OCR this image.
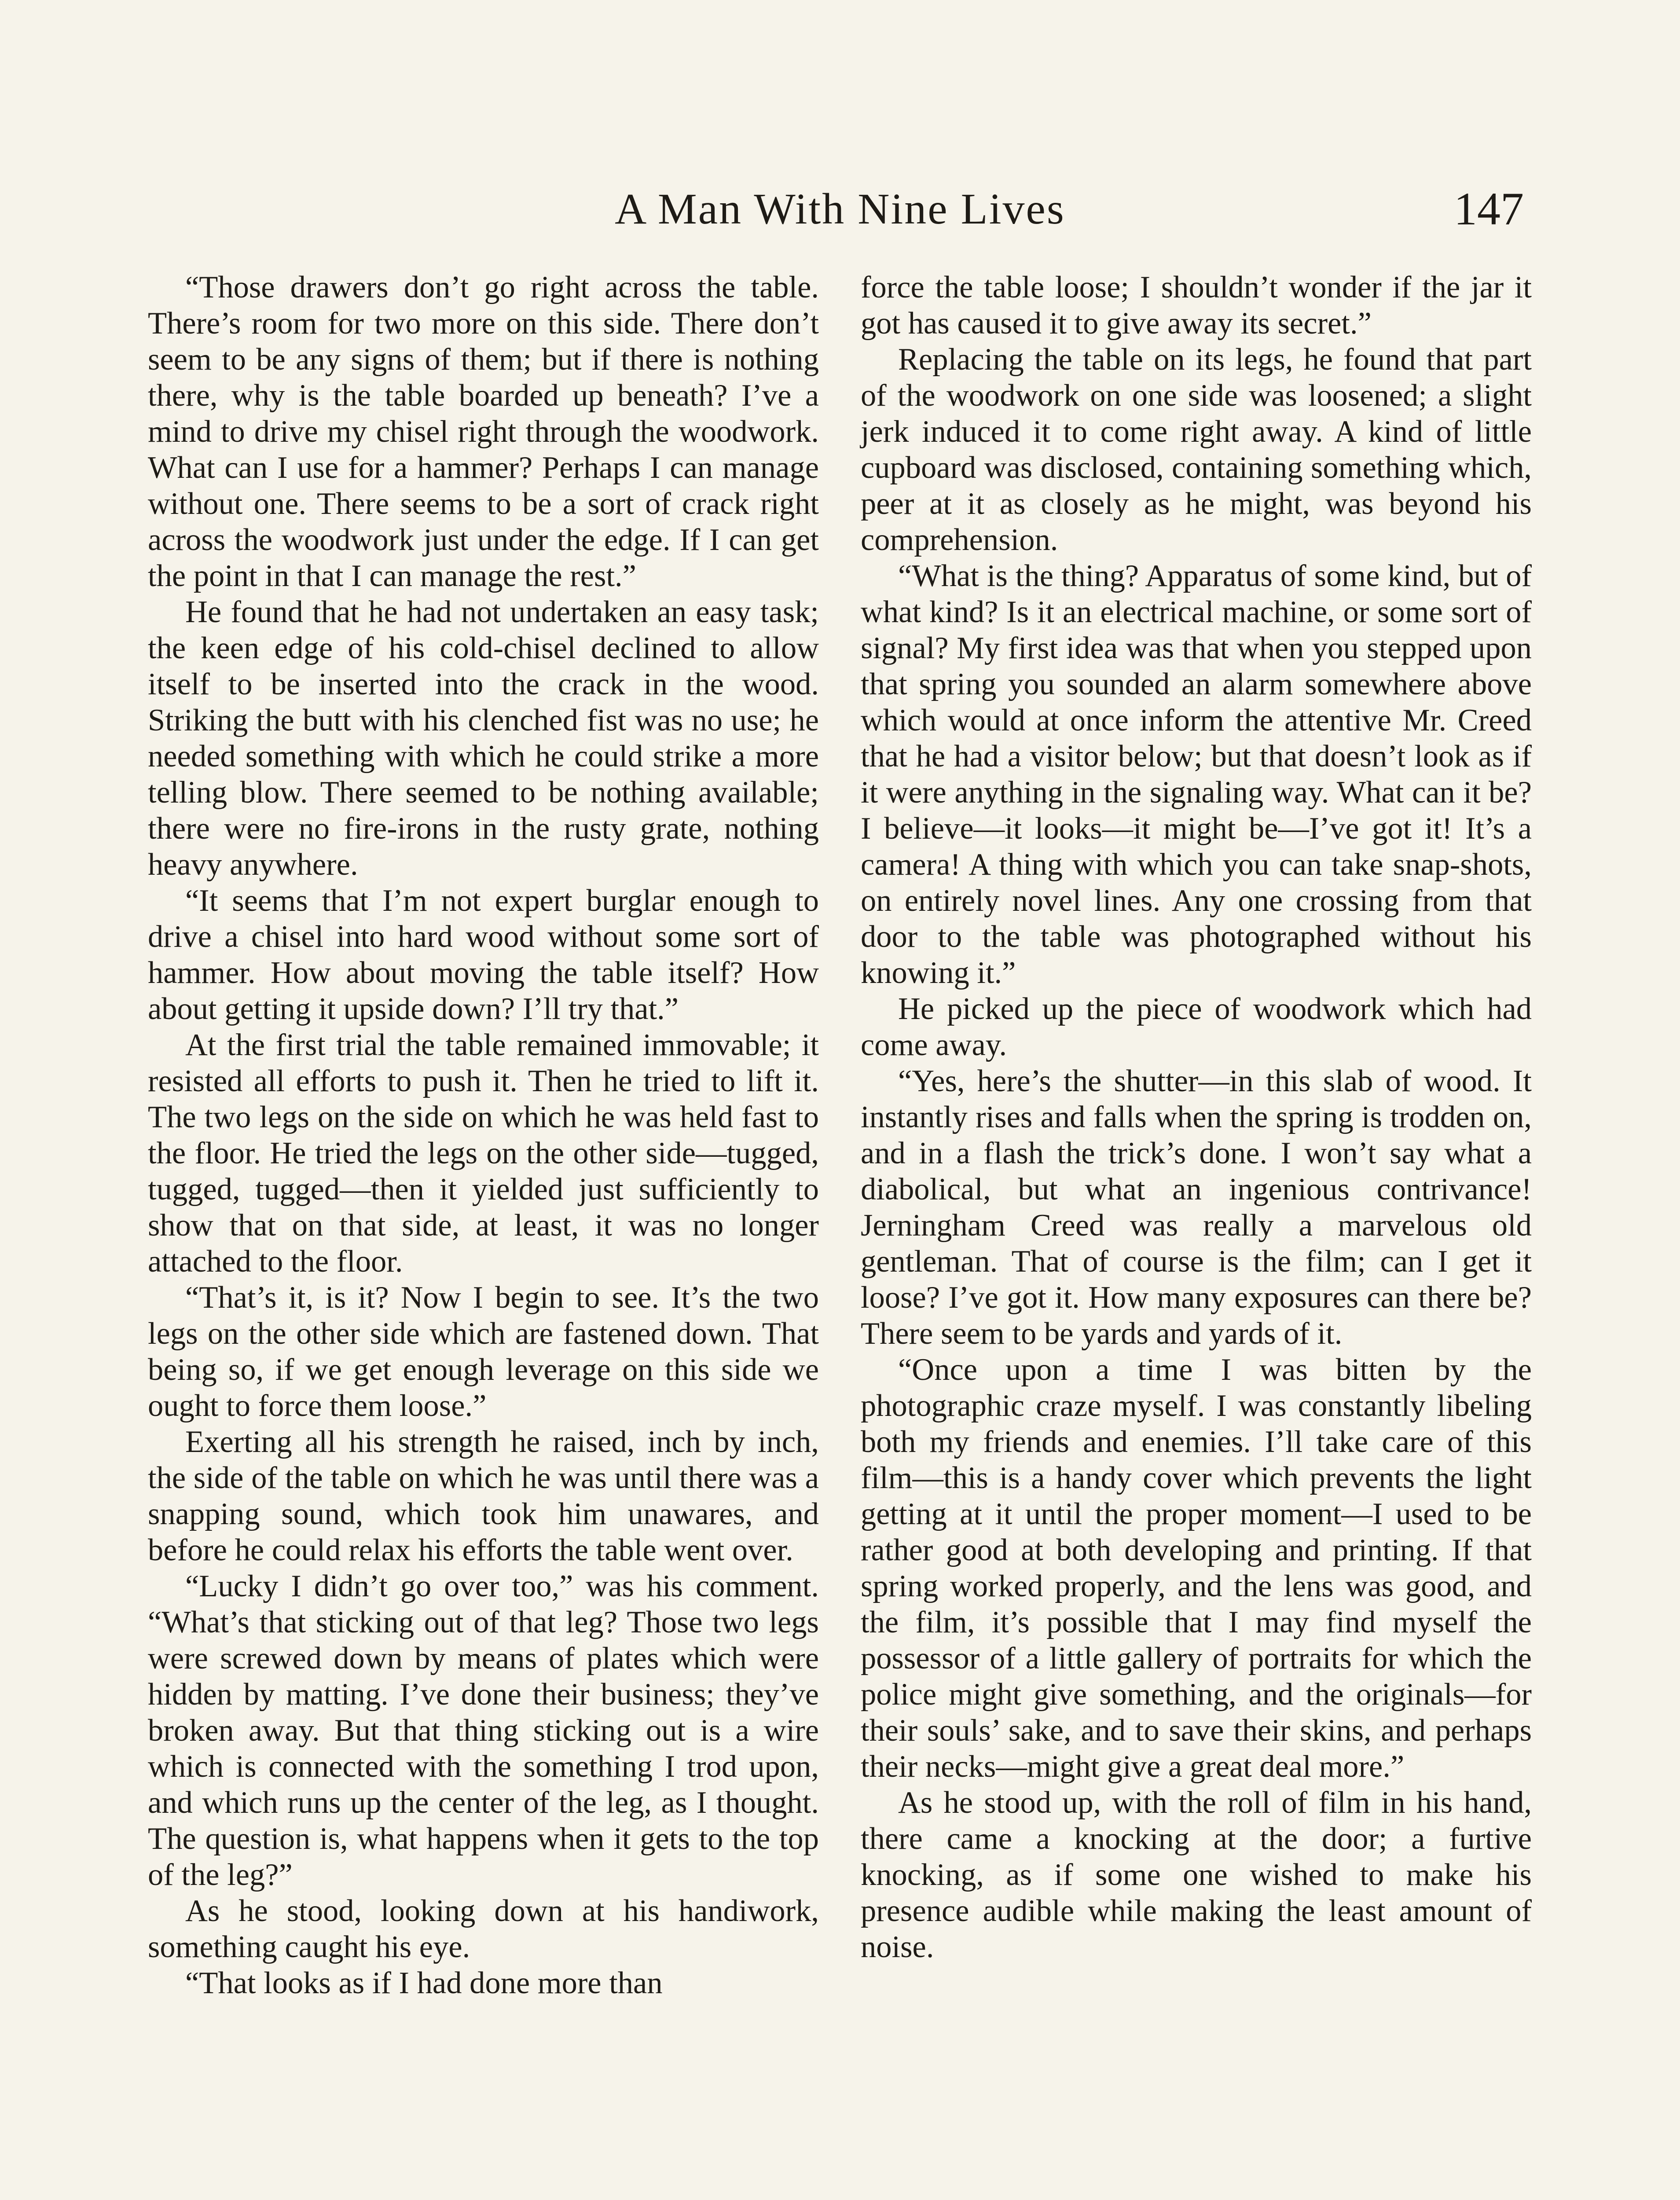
A Man With Nine Lives	147

“Those drawers don’t go right across the table. There’s room for two more on this side. There don’t seem to be any signs of them; but if there is nothing there, why is the table boarded up beneath? I’ve a mind to drive my chisel right through the woodwork. What can I use for a hammer? Perhaps I can manage without one. There seems to be a sort of crack right across the woodwork just under the edge. If I can get the point in that I can manage the rest.”

He found that he had not undertaken an easy task; the keen edge of his cold-chisel declined to allow itself to be inserted into the crack in the wood. Striking the butt with his clenched fist was no use; he needed something with which he could strike a more telling blow. There seemed to be nothing available; there were no fire-irons in the rusty grate, nothing heavy anywhere.

“It seems that I’m not expert burglar enough to drive a chisel into hard wood without some sort of hammer. How about moving the table itself? How about getting it upside down? I’ll try that.”

At the first trial the table remained immovable; it resisted all efforts to push it. Then he tried to lift it. The two legs on the side on which he was held fast to the floor. He tried the legs on the other side—tugged, tugged, tugged—then it yielded just sufficiently to show that on that side, at least, it was no longer attached to the floor.

“That’s it, is it? Now I begin to see. It’s the two legs on the other side which are fastened down. That being so, if we get enough leverage on this side we ought to force them loose.”

Exerting all his strength he raised, inch by inch, the side of the table on which he was until there was a snapping sound, which took him unawares, and before he could relax his efforts the table went over.

“Lucky I didn’t go over too,” was his comment. “What’s that sticking out of that leg? Those two legs were screwed down by means of plates which were hidden by matting. I’ve done their business; they’ve broken away. But that thing sticking out is a wire which is connected with the something I trod upon, and which runs up the center of the leg, as I thought. The question is, what happens when it gets to the top of the leg?”

As he stood, looking down at his handiwork, something caught his eye.

“That looks as if I had done more than

force the table loose; I shouldn’t wonder if the jar it got has caused it to give away its secret.”

Replacing the table on its legs, he found that part of the woodwork on one side was loosened; a slight jerk induced it to come right away. A kind of little cupboard was disclosed, containing something which, peer at it as closely as he might, was beyond his comprehension.

“What is the thing? Apparatus of some kind, but of what kind? Is it an electrical machine, or some sort of signal? My first idea was that when you stepped upon that spring you sounded an alarm somewhere above which would at once inform the attentive Mr. Creed that he had a visitor below; but that doesn’t look as if it were anything in the signaling way. What can it be? I believe—it looks—it might be—I’ve got it! It’s a camera! A thing with which you can take snap-shots, on entirely novel lines. Any one crossing from that door to the table was photographed without his knowing it.”

He picked up the piece of woodwork which had come away.

“Yes, here’s the shutter—in this slab of wood. It instantly rises and falls when the spring is trodden on, and in a flash the trick’s done. I won’t say what a diabolical, but what an ingenious contrivance! Jerningham Creed was really a marvelous old gentleman. That of course is the film; can I get it loose? I’ve got it. How many exposures can there be? There seem to be yards and yards of it.

“Once upon a time I was bitten by the photographic craze myself. I was constantly libeling both my friends and enemies. I’ll take care of this film—this is a handy cover which prevents the light getting at it until the proper moment—I used to be rather good at both developing and printing. If that spring worked properly, and the lens was good, and the film, it’s possible that I may find myself the possessor of a little gallery of portraits for which the police might give something, and the originals—for their souls’ sake, and to save their skins, and perhaps their necks—might give a great deal more.”

As he stood up, with the roll of film in his hand, there came a knocking at the door; a furtive knocking, as if some one wished to make his presence audible while making the least amount of noise.
